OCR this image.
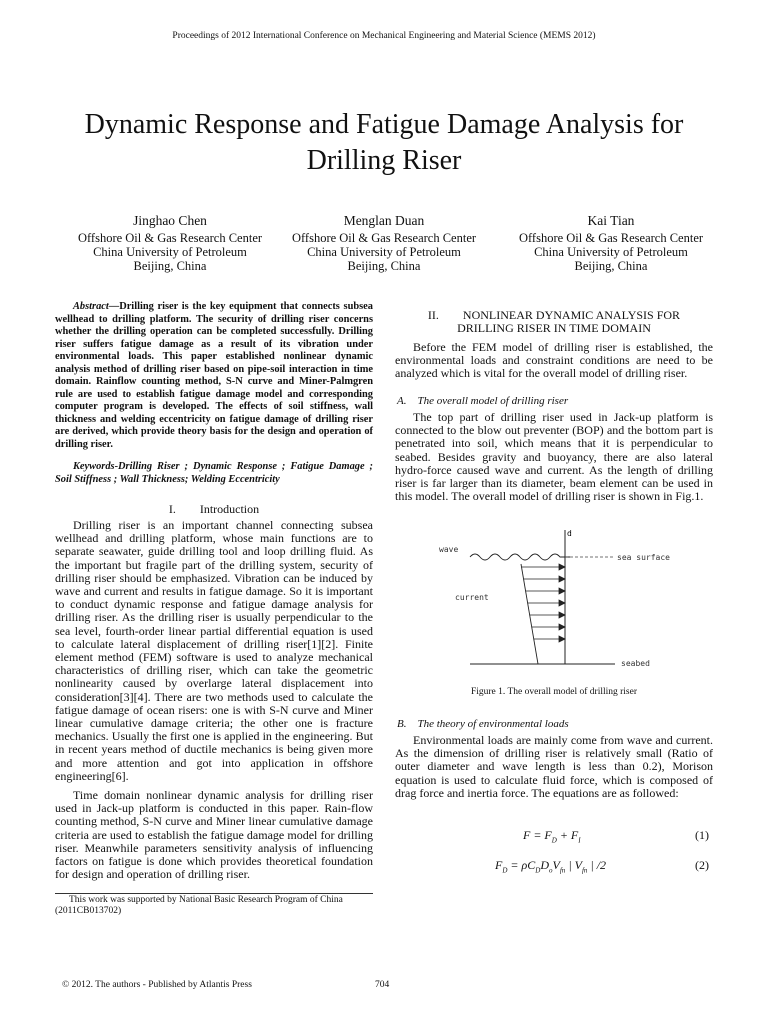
Proceedings of 2012 International Conference on Mechanical Engineering and Material Science (MEMS 2012)
Dynamic Response and Fatigue Damage Analysis for Drilling Riser
Jinghao Chen
Offshore Oil & Gas Research Center
China University of Petroleum
Beijing, China
Menglan Duan
Offshore Oil & Gas Research Center
China University of Petroleum
Beijing, China
Kai Tian
Offshore Oil & Gas Research Center
China University of Petroleum
Beijing, China
Abstract—Drilling riser is the key equipment that connects subsea wellhead to drilling platform. The security of drilling riser concerns whether the drilling operation can be completed successfully. Drilling riser suffers fatigue damage as a result of its vibration under environmental loads. This paper established nonlinear dynamic analysis method of drilling riser based on pipe-soil interaction in time domain. Rainflow counting method, S-N curve and Miner-Palmgren rule are used to establish fatigue damage model and corresponding computer program is developed. The effects of soil stiffness, wall thickness and welding eccentricity on fatigue damage of drilling riser are derived, which provide theory basis for the design and operation of drilling riser.
Keywords-Drilling Riser ; Dynamic Response ; Fatigue Damage ; Soil Stiffness ; Wall Thickness; Welding Eccentricity
I.  Introduction

Drilling riser is an important channel connecting subsea wellhead and drilling platform, whose main functions are to separate seawater, guide drilling tool and loop drilling fluid. As the important but fragile part of the drilling system, security of drilling riser should be emphasized. Vibration can be induced by wave and current and results in fatigue damage. So it is important to conduct dynamic response and fatigue damage analysis for drilling riser. As the drilling riser is usually perpendicular to the sea level, fourth-order linear partial differential equation is used to calculate lateral displacement of drilling riser[1][2]. Finite element method (FEM) software is used to analyze mechanical characteristics of drilling riser, which can take the geometric nonlinearity caused by overlarge lateral displacement into consideration[3][4]. There are two methods used to calculate the fatigue damage of ocean risers: one is with S-N curve and Miner linear cumulative damage criteria; the other one is fracture mechanics. Usually the first one is applied in the engineering. But in recent years method of ductile mechanics is being given more and more attention and got into application in offshore engineering[6].

Time domain nonlinear dynamic analysis for drilling riser used in Jack-up platform is conducted in this paper. Rain-flow counting method, S-N curve and Miner linear cumulative damage criteria are used to establish the fatigue damage model for drilling riser. Meanwhile parameters sensitivity analysis of influencing factors on fatigue is done which provides theoretical foundation for design and operation of drilling riser.

This work was supported by National Basic Research Program of China (2011CB013702)
II.  NONLINEAR DYNAMIC ANALYSIS FOR
DRILLING RISER IN TIME DOMAIN

Before the FEM model of drilling riser is established, the environmental loads and constraint conditions are need to be analyzed which is vital for the overall model of drilling riser.

A. The overall model of drilling riser

The top part of drilling riser used in Jack-up platform is connected to the blow out preventer (BOP) and the bottom part is penetrated into soil, which means that it is perpendicular to seabed. Besides gravity and buoyancy, there are also lateral hydro-force caused wave and current. As the length of drilling riser is far larger than its diameter, beam element can be used in this model. The overall model of drilling riser is shown in Fig.1.

d
wave
sea surface
current
seabed
Figure 1. The overall model of drilling riser
B. The theory of environmental loads

Environmental loads are mainly come from wave and current. As the dimension of drilling riser is relatively small (Ratio of outer diameter and wave length is less than 0.2), Morison equation is used to calculate fluid force, which is composed of drag force and inertia force. The equations are as followed:

$F = F_D + F_I$	(1)
$F_D = \rho C_DD_oV_{fn}$ | $V_{fn}$ | /2	(2)
© 2012. The authors - Published by Atlantis Press	704
